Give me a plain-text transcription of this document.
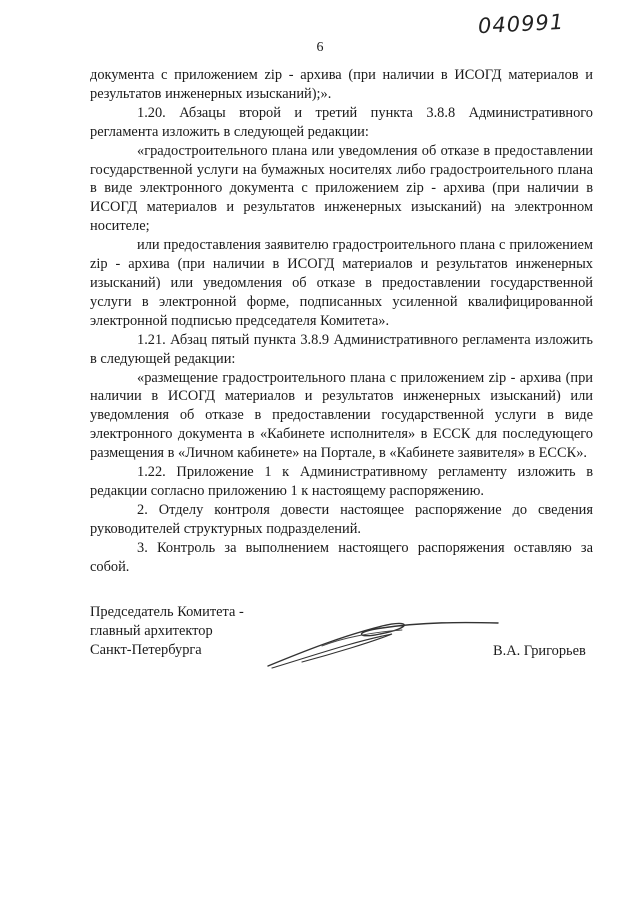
040991
6

документа с приложением zip - архива (при наличии в ИСОГД материалов и результатов инженерных изысканий);».

1.20. Абзацы второй и третий пункта 3.8.8 Административного регламента изложить в следующей редакции:

«градостроительного плана или уведомления об отказе в предоставлении государственной услуги на бумажных носителях либо градостроительного плана в виде электронного документа с приложением zip - архива (при наличии в ИСОГД материалов и результатов инженерных изысканий) на электронном носителе;

или предоставления заявителю градостроительного плана с приложением zip - архива (при наличии в ИСОГД материалов и результатов инженерных изысканий) или уведомления об отказе в предоставлении государственной услуги в электронной форме, подписанных усиленной квалифицированной электронной подписью председателя Комитета».

1.21. Абзац пятый пункта 3.8.9 Административного регламента изложить в следующей редакции:

«размещение градостроительного плана с приложением zip - архива (при наличии в ИСОГД материалов и результатов инженерных изысканий) или уведомления об отказе в предоставлении государственной услуги в виде электронного документа в «Кабинете исполнителя» в ЕССК для последующего размещения в «Личном кабинете» на Портале, в «Кабинете заявителя» в ЕССК».

1.22. Приложение 1 к Административному регламенту изложить в редакции согласно приложению 1 к настоящему распоряжению.

2. Отделу контроля довести настоящее распоряжение до сведения руководителей структурных подразделений.

3. Контроль за выполнением настоящего распоряжения оставляю за собой.

Председатель Комитета -
главный архитектор
Санкт-Петербурга	В.А. Григорьев
